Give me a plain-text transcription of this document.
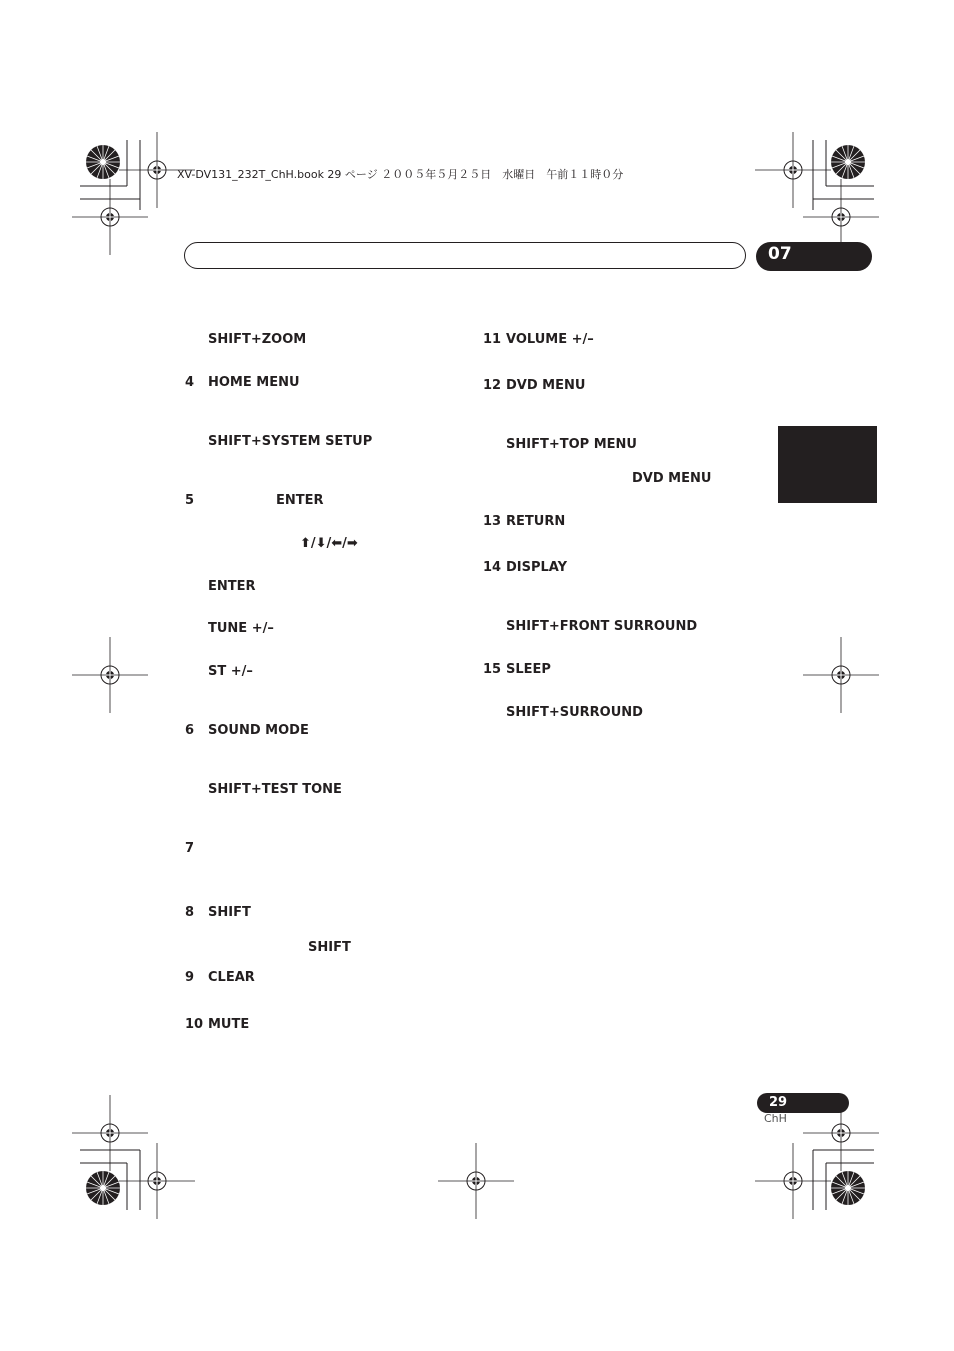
XV-DV131_232T_ChH.book 29 ページ ２００５年５月２５日　水曜日　午前１１時０分
07
SHIFT+ZOOM
4 HOME MENU
SHIFT+SYSTEM SETUP
5	ENTER
⬆/⬇/⬅/➡
ENTER
TUNE +/–
ST +/–
6 SOUND MODE
SHIFT+TEST TONE
7
8 SHIFT
SHIFT
9 CLEAR
10 MUTE
11 VOLUME +/–
12 DVD MENU
SHIFT+TOP MENU
DVD MENU
13 RETURN
14 DISPLAY
SHIFT+FRONT SURROUND
15 SLEEP
SHIFT+SURROUND
29
ChH
